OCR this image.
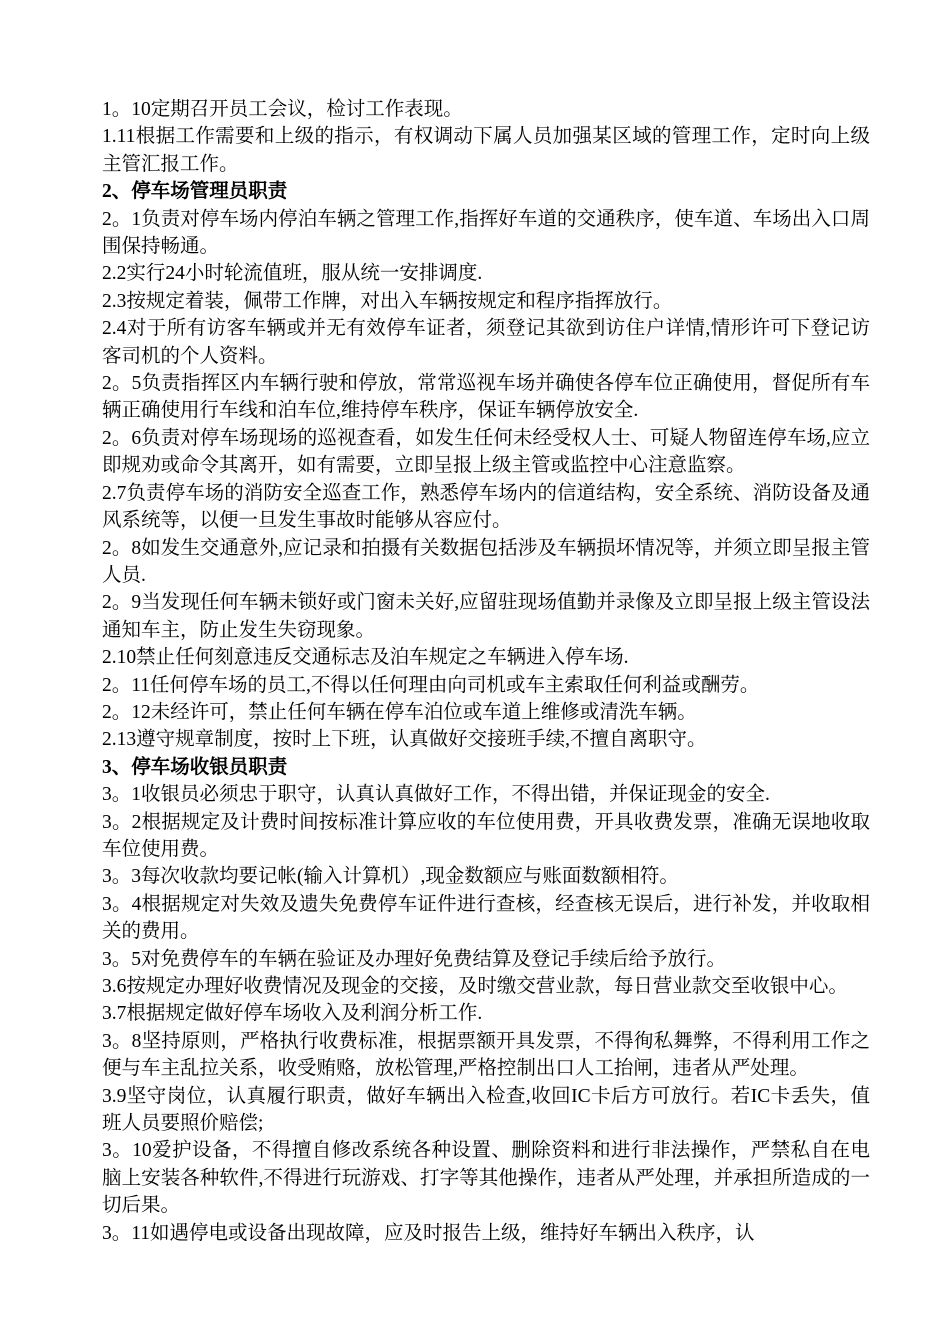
1。10定期召开员工会议，检讨工作表现。

1.11根据工作需要和上级的指示，有权调动下属人员加强某区域的管理工作，定时向上级主管汇报工作。

2、停车场管理员职责

2。1负责对停车场内停泊车辆之管理工作,指挥好车道的交通秩序，使车道、车场出入口周围保持畅通。

2.2实行24小时轮流值班，服从统一安排调度.

2.3按规定着装，佩带工作牌，对出入车辆按规定和程序指挥放行。

2.4对于所有访客车辆或并无有效停车证者，须登记其欲到访住户详情,情形许可下登记访客司机的个人资料。

2。5负责指挥区内车辆行驶和停放，常常巡视车场并确使各停车位正确使用，督促所有车辆正确使用行车线和泊车位,维持停车秩序，保证车辆停放安全.

2。6负责对停车场现场的巡视查看，如发生任何未经受权人士、可疑人物留连停车场,应立即规劝或命令其离开，如有需要，立即呈报上级主管或监控中心注意监察。

2.7负责停车场的消防安全巡查工作，熟悉停车场内的信道结构，安全系统、消防设备及通风系统等，以便一旦发生事故时能够从容应付。

2。8如发生交通意外,应记录和拍摄有关数据包括涉及车辆损坏情况等，并须立即呈报主管人员.

2。9当发现任何车辆未锁好或门窗未关好,应留驻现场值勤并录像及立即呈报上级主管设法通知车主，防止发生失窃现象。

2.10禁止任何刻意违反交通标志及泊车规定之车辆进入停车场.

2。11任何停车场的员工,不得以任何理由向司机或车主索取任何利益或酬劳。

2。12未经许可，禁止任何车辆在停车泊位或车道上维修或清洗车辆。

2.13遵守规章制度，按时上下班，认真做好交接班手续,不擅自离职守。

3、停车场收银员职责

3。1收银员必须忠于职守，认真认真做好工作，不得出错，并保证现金的安全.

3。2根据规定及计费时间按标准计算应收的车位使用费，开具收费发票，准确无误地收取车位使用费。

3。3每次收款均要记帐(输入计算机）,现金数额应与账面数额相符。

3。4根据规定对失效及遗失免费停车证件进行查核，经查核无误后，进行补发，并收取相关的费用。

3。5对免费停车的车辆在验证及办理好免费结算及登记手续后给予放行。

3.6按规定办理好收费情况及现金的交接，及时缴交营业款，每日营业款交至收银中心。

3.7根据规定做好停车场收入及利润分析工作.

3。8坚持原则，严格执行收费标准，根据票额开具发票，不得徇私舞弊，不得利用工作之便与车主乱拉关系，收受贿赂，放松管理,严格控制出口人工抬闸，违者从严处理。

3.9坚守岗位，认真履行职责，做好车辆出入检查,收回IC卡后方可放行。若IC卡丢失，值班人员要照价赔偿;

3。10爱护设备，不得擅自修改系统各种设置、删除资料和进行非法操作，严禁私自在电脑上安装各种软件,不得进行玩游戏、打字等其他操作，违者从严处理，并承担所造成的一切后果。

3。11如遇停电或设备出现故障，应及时报告上级，维持好车辆出入秩序，认
